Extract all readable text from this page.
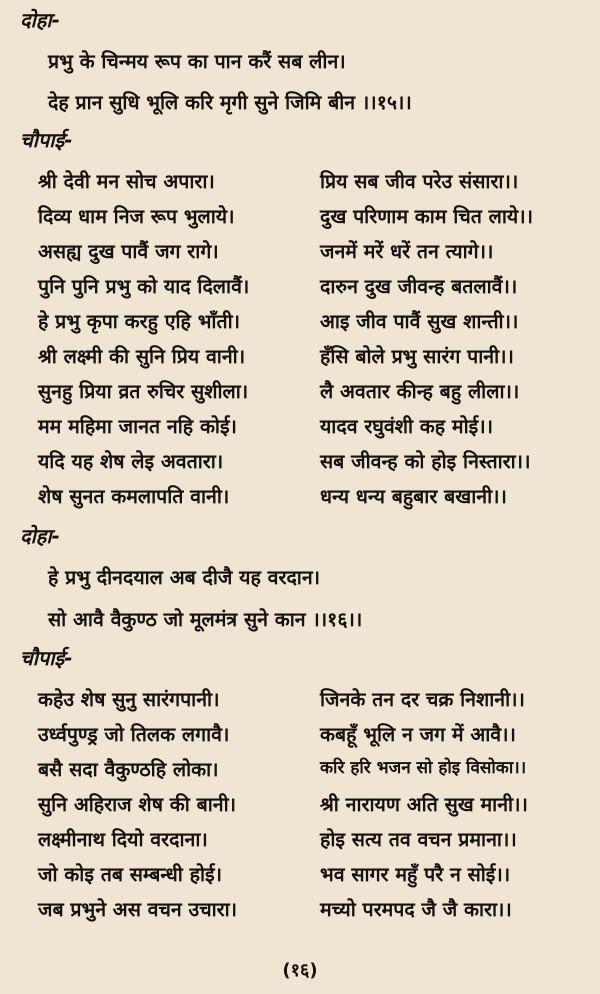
दोहा-
प्रभु के चिन्मय रूप का पान करैं सब लीन।
देह प्रान सुधि भूलि करि मृगी सुने जिमि बीन ।।१५।।
चौपाई-
श्री देवी मन सोच अपारा।	प्रिय सब जीव परेउ संसारा।।
दिव्य धाम निज रूप भुलाये।	दुख परिणाम काम चित लाये।।
असह्य दुख पावैं जग रागे।	जनमें मरें धरें तन त्यागे।।
पुनि पुनि प्रभु को याद दिलावैं।	दारुन दुख जीवन्ह बतलावैं।।
हे प्रभु कृपा करहु एहि भाँती।	आइ जीव पावैं सुख शान्ती।।
श्री लक्ष्मी की सुनि प्रिय वानी।	हँसि बोले प्रभु सारंग पानी।।
सुनहु प्रिया व्रत रुचिर सुशीला।	लै अवतार कीन्ह बहु लीला।।
मम महिमा जानत नहि कोई।	यादव रघुवंशी कह मोई।।
यदि यह शेष लेइ अवतारा।	सब जीवन्ह को होइ निस्तारा।।
शेष सुनत कमलापति वानी।	धन्य धन्य बहुबार बखानी।।
दोहा-
हे प्रभु दीनदयाल अब दीजै यह वरदान।
सो आवै वैकुण्ठ जो मूलमंत्र सुने कान ।।१६।।
चौपाई-
कहेउ शेष सुनु सारंगपानी।	जिनके तन दर चक्र निशानी।।
उर्ध्वपुण्ड्र जो तिलक लगावै।	कबहूँ भूलि न जग में आवै।।
बसै सदा वैकुण्ठहि लोका।	करि हरि भजन सो होइ विसोका।।
सुनि अहिराज शेष की बानी।	श्री नारायण अति सुख मानी।।
लक्ष्मीनाथ दियो वरदाना।	होइ सत्य तव वचन प्रमाना।।
जो कोइ तब सम्बन्धी होई।	भव सागर महुँ परै न सोई।।
जब प्रभुने अस वचन उचारा।	मच्यो परमपद जै जै कारा।।
(१६)
